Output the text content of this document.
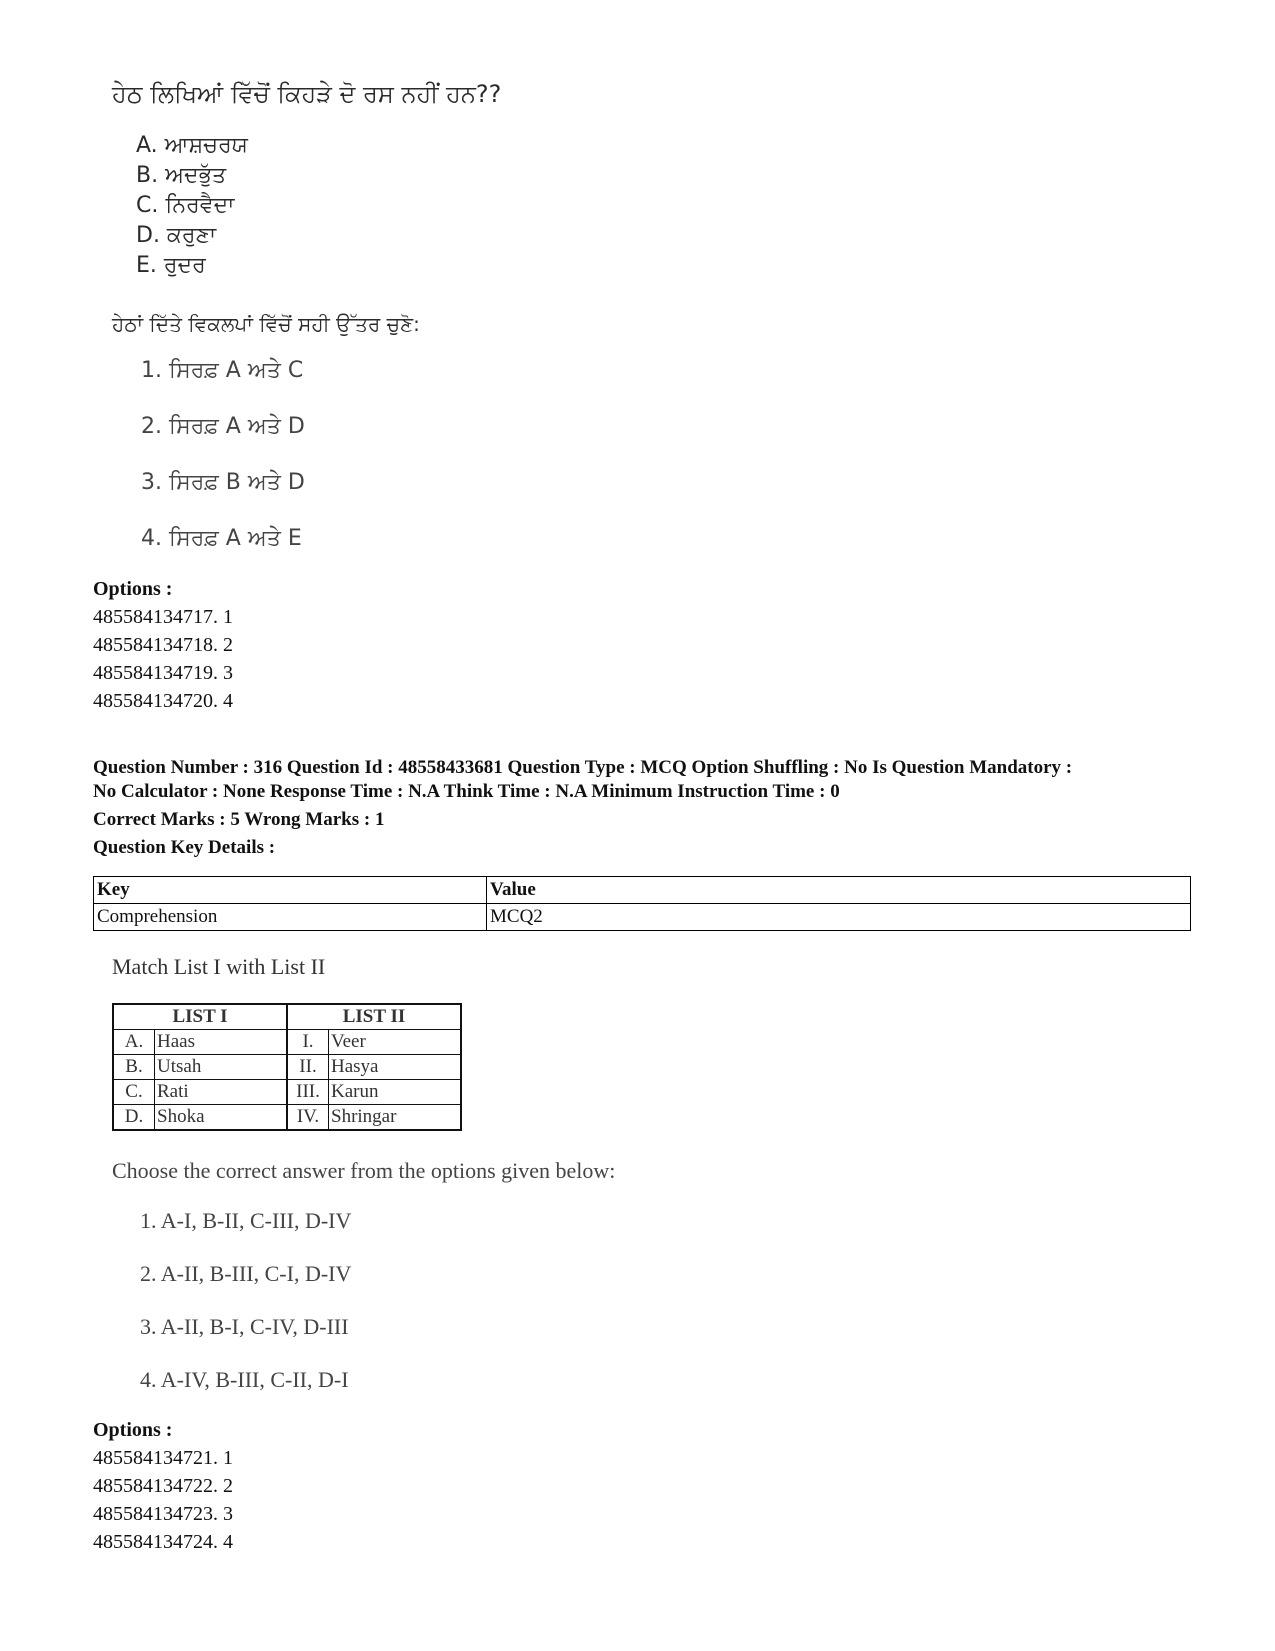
ਹੇਠ ਲਿਖਿਆਂ ਵਿੱਚੋਂ ਕਿਹੜੇ ਦੋ ਰਸ ਨਹੀਂ ਹਨ??
A. ਆਸ਼ਚਰਯ
B. ਅਦਭੁੱਤ
C. ਨਿਰਵੈਦਾ
D. ਕਰੁਣਾ
E. ਰੁਦਰ
ਹੇਠਾਂ ਦਿੱਤੇ ਵਿਕਲਪਾਂ ਵਿੱਚੋਂ ਸਹੀ ਉੱਤਰ ਚੁਣੋ:
1. ਸਿਰਫ਼ A ਅਤੇ C
2. ਸਿਰਫ਼ A ਅਤੇ D
3. ਸਿਰਫ਼ B ਅਤੇ D
4. ਸਿਰਫ਼ A ਅਤੇ E
Options :
485584134717. 1
485584134718. 2
485584134719. 3
485584134720. 4
Question Number : 316 Question Id : 48558433681 Question Type : MCQ Option Shuffling : No Is Question Mandatory :
No Calculator : None Response Time : N.A Think Time : N.A Minimum Instruction Time : 0
Correct Marks : 5 Wrong Marks : 1
Question Key Details :
Key	Value
Comprehension	MCQ2
Match List I with List II
LIST I		LIST II	
A.	Haas	I.	Veer
B.	Utsah	II.	Hasya
C.	Rati	III.	Karun
D.	Shoka	IV.	Shringar
Choose the correct answer from the options given below:
1. A-I, B-II, C-III, D-IV
2. A-II, B-III, C-I, D-IV
3. A-II, B-I, C-IV, D-III
4. A-IV, B-III, C-II, D-I
Options :
485584134721. 1
485584134722. 2
485584134723. 3
485584134724. 4
